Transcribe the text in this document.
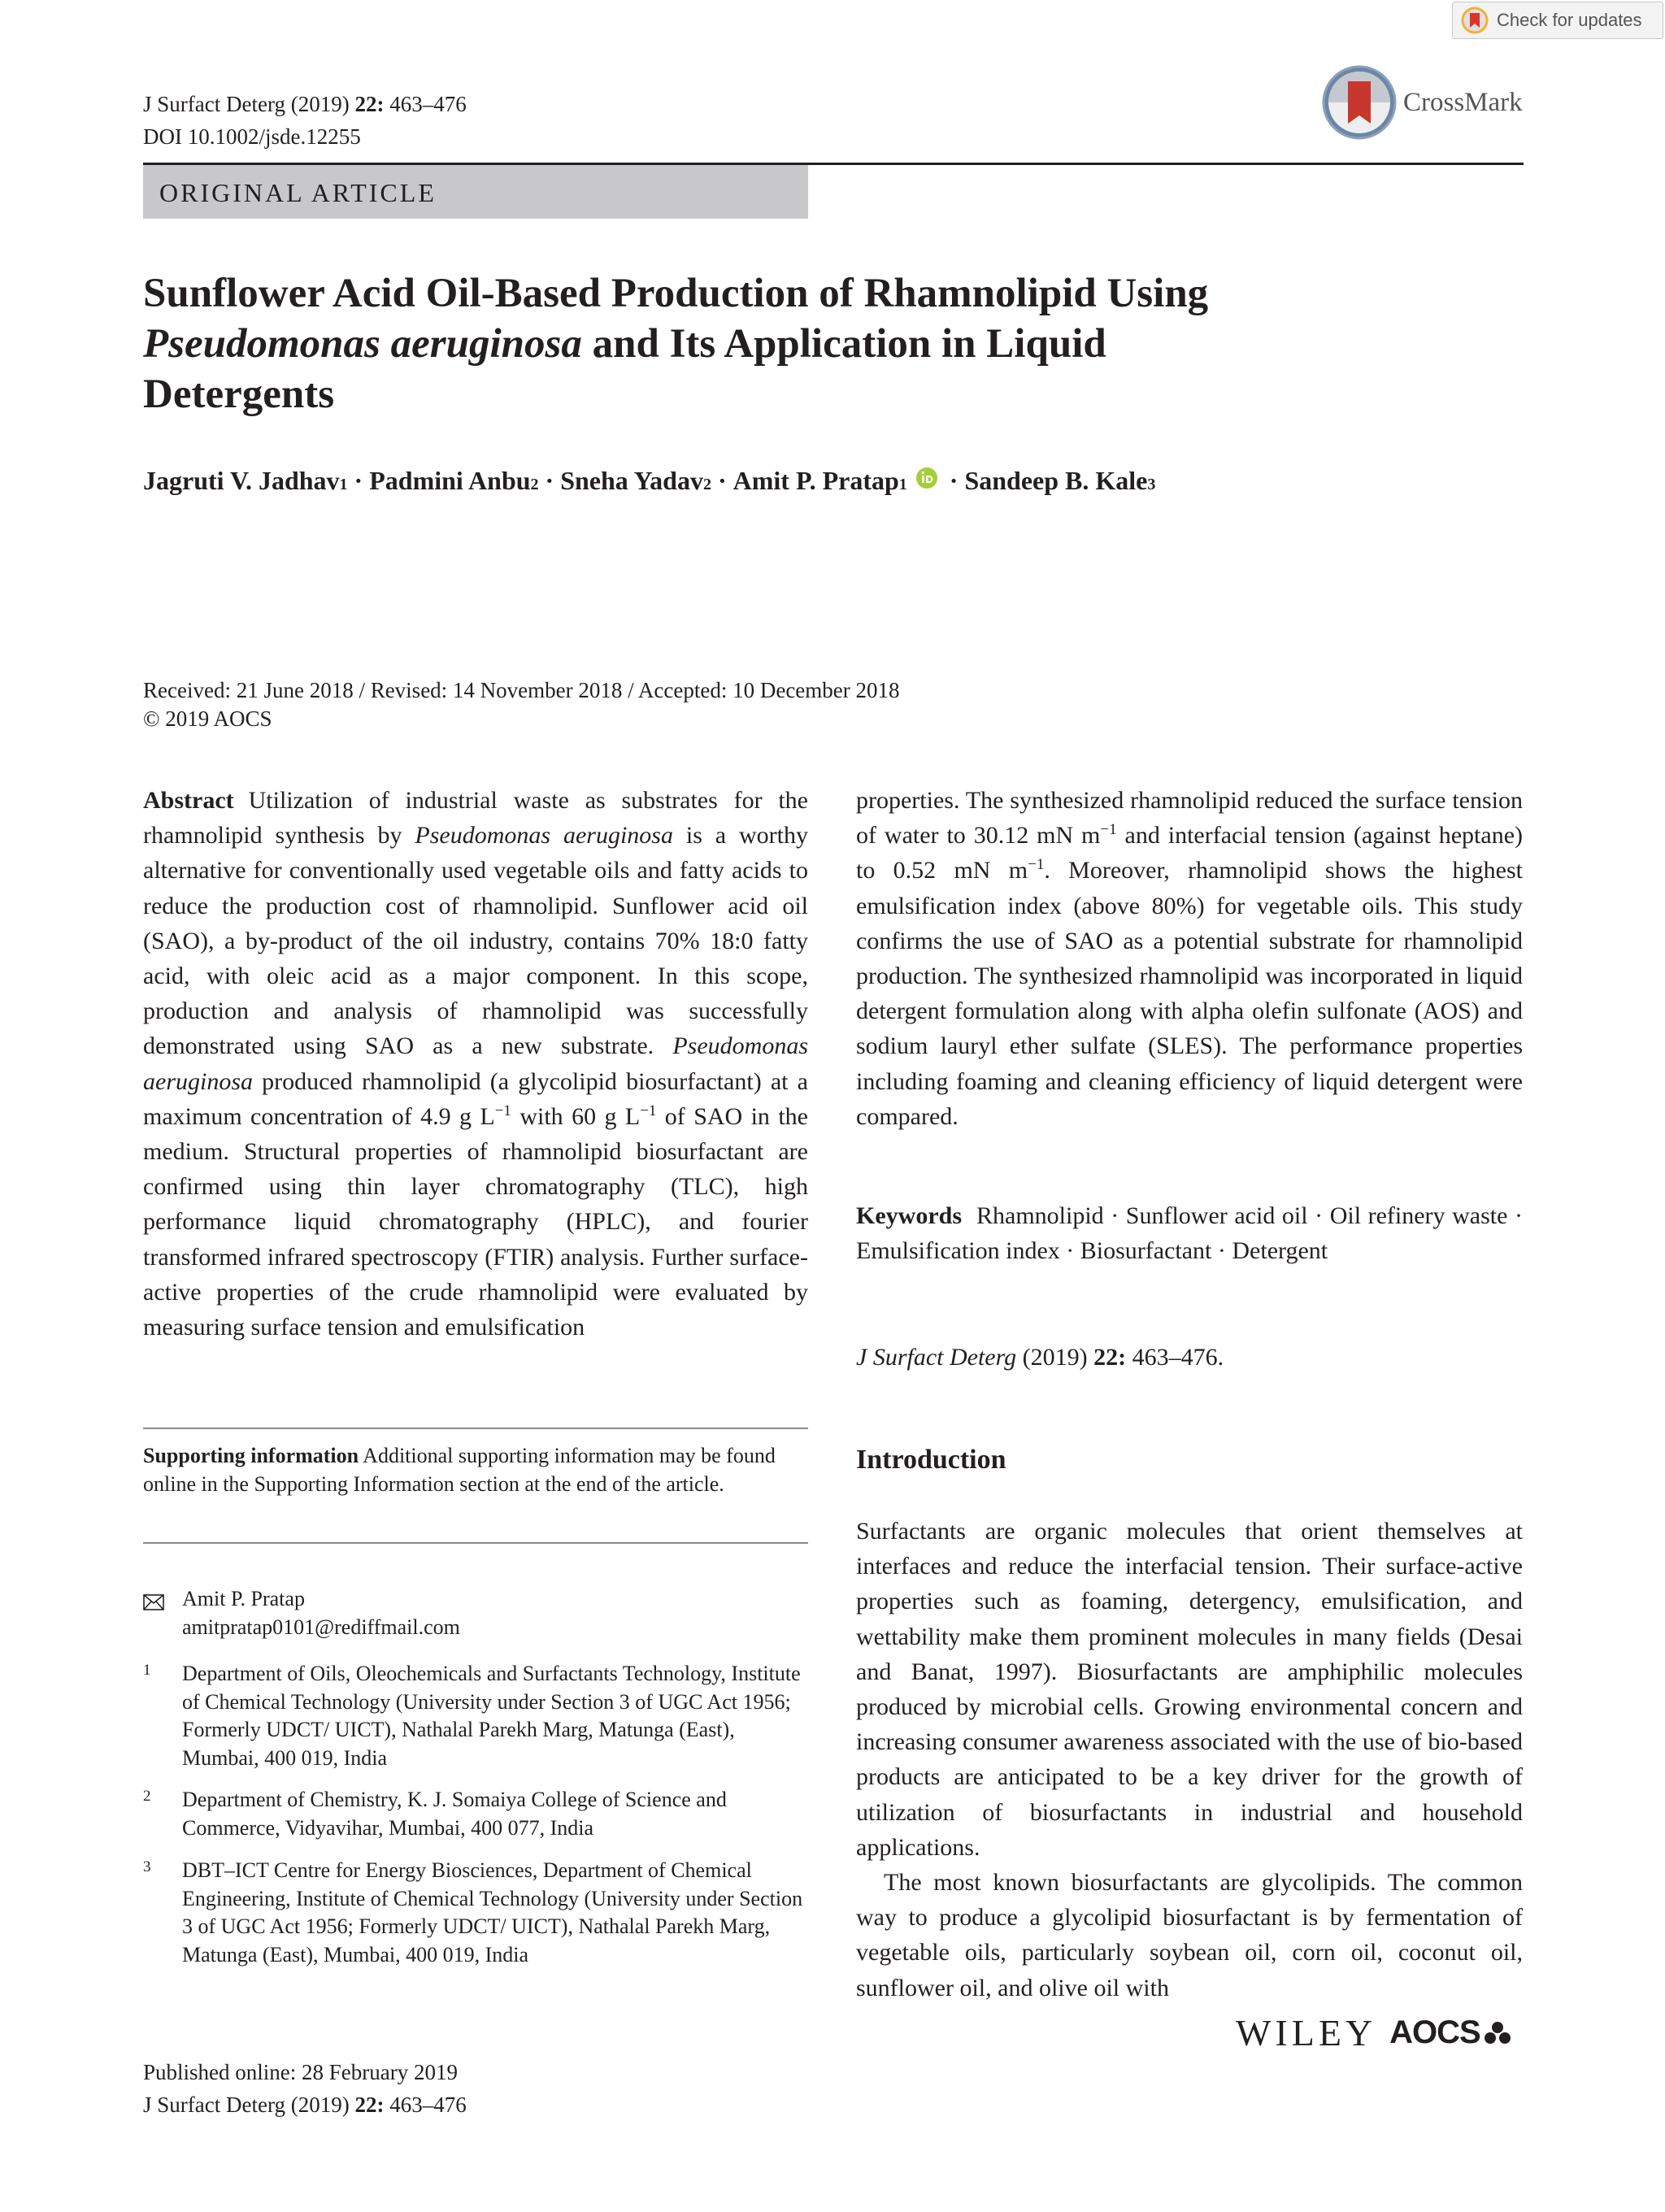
Check for updates
J Surfact Deterg (2019) 22: 463–476
DOI 10.1002/jsde.12255
CrossMark
ORIGINAL ARTICLE
Sunflower Acid Oil-Based Production of Rhamnolipid Using
Pseudomonas aeruginosa and Its Application in Liquid
Detergents
Jagruti V. Jadhav 1 · Padmini Anbu 2 · Sneha Yadav 2 · Amit P. Pratap 1 · Sandeep B. Kale 3
Received: 21 June 2018 / Revised: 14 November 2018 / Accepted: 10 December 2018
© 2019 AOCS

Abstract Utilization of industrial waste as substrates for the rhamnolipid synthesis by Pseudomonas aeruginosa is a worthy alternative for conventionally used vegetable oils and fatty acids to reduce the production cost of rhamnolipid. Sunflower acid oil (SAO), a by-product of the oil industry, contains 70% 18:0 fatty acid, with oleic acid as a major component. In this scope, production and analysis of rhamnolipid was successfully demonstrated using SAO as a new substrate. Pseudomonas aeruginosa produced rhamnolipid (a glycolipid biosurfactant) at a maximum concentration of 4.9 g $L^{-1}$ with 60 g $L^{-1}$ of SAO in the medium. Structural properties of rhamnolipid biosurfactant are confirmed using thin layer chromatography (TLC), high performance liquid chromatography (HPLC), and fourier transformed infrared spectroscopy (FTIR) analysis. Further surface-active properties of the crude rhamnolipid were evaluated by measuring surface tension and emulsification

properties. The synthesized rhamnolipid reduced the surface tension of water to 30.12 mN $m^{-1}$ and interfacial tension (against heptane) to 0.52 mN $m^{-1}$. Moreover, rhamnolipid shows the highest emulsification index (above 80%) for vegetable oils. This study confirms the use of SAO as a potential substrate for rhamnolipid production. The synthesized rhamnolipid was incorporated in liquid detergent formulation along with alpha olefin sulfonate (AOS) and sodium lauryl ether sulfate (SLES). The performance properties including foaming and cleaning efficiency of liquid detergent were compared.

Keywords Rhamnolipid · Sunflower acid oil · Oil refinery waste · Emulsification index · Biosurfactant · Detergent
J Surfact Deterg (2019) 22: 463–476.
Supporting information Additional supporting information may be found online in the Supporting Information section at the end of the article.
Amit P. Pratap
amitpratap0101@rediffmail.com
1	Department of Oils, Oleochemicals and Surfactants Technology, Institute of Chemical Technology (University under Section 3 of UGC Act 1956; Formerly UDCT/ UICT), Nathalal Parekh Marg, Matunga (East), Mumbai, 400 019, India
2	Department of Chemistry, K. J. Somaiya College of Science and Commerce, Vidyavihar, Mumbai, 400 077, India
3	DBT–ICT Centre for Energy Biosciences, Department of Chemical Engineering, Institute of Chemical Technology (University under Section 3 of UGC Act 1956; Formerly UDCT/ UICT), Nathalal Parekh Marg, Matunga (East), Mumbai, 400 019, India
Introduction

Surfactants are organic molecules that orient themselves at interfaces and reduce the interfacial tension. Their surface-active properties such as foaming, detergency, emulsification, and wettability make them prominent molecules in many fields (Desai and Banat, 1997). Biosurfactants are amphiphilic molecules produced by microbial cells. Growing environmental concern and increasing consumer awareness associated with the use of bio-based products are anticipated to be a key driver for the growth of utilization of biosurfactants in industrial and household applications.

The most known biosurfactants are glycolipids. The common way to produce a glycolipid biosurfactant is by fermentation of vegetable oils, particularly soybean oil, corn oil, coconut oil, sunflower oil, and olive oil with

Published online: 28 February 2019
J Surfact Deterg (2019) 22: 463–476
WILEY AOCS
